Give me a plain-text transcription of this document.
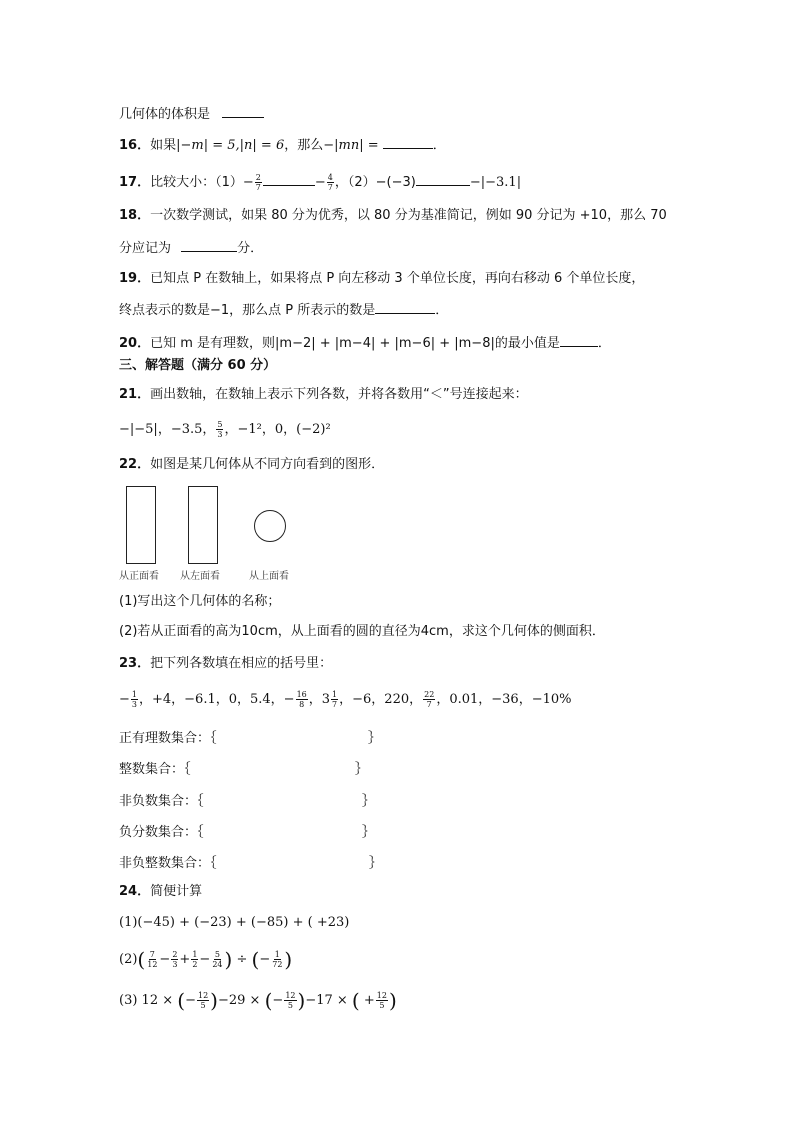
几何体的体积是
16．如果|−m| = 5,|n| = 6，那么−|mn| =	．
17．比较大小：$(1)- \frac{2}{7}$	− $\frac{4}{7}$ ，（2）−(−3)	−|−3.1|
18．一次数学测试，如果 80 分为优秀，以 80 分为基准简记，例如 90 分记为 +10，那么 70
分应记为	分．
19．已知点 P 在数轴上，如果将点 P 向左移动 3 个单位长度，再向右移动 6 个单位长度，
终点表示的数是−1，那么点 P 所表示的数是	．
20．已知 m 是有理数，则|m−2| + |m−4| + |m−6| + |m−8|的最小值是	．
三、解答题（满分 60 分）
21．画出数轴，在数轴上表示下列各数，并将各数用“＜”号连接起来：
−|−5|，−3.5， $\frac{5}{3}$ ，−1²，0，(−2)²
22．如图是某几何体从不同方向看到的图形．
从正面看 从左面看	从上面看
(1)写出这个几何体的名称；
(2)若从正面看的高为10cm，从上面看的圆的直径为4cm，求这个几何体的侧面积．
23．把下列各数填在相应的括号里：
− $\frac{1}{3}$ ，+4，−6.1，0，5.4，− $\frac{16}{8}$ ，$3 \frac{1}{7}$ ，−6，220， $\frac{22}{7}$ ，0.01，−36，−10%
正有理数集合：｛	｝
整数集合：｛	｝
非负数集合：｛	｝
负分数集合：｛	｝
非负整数集合：｛	｝
24．简便计算
(1)(−45) + (−23) + (−85) + ( +23)
$(2)( \frac{7}{12} - \frac{2}{3} + \frac{1}{2} - \frac{5}{24}$ ) ÷ (− $\frac{1}{72}$ )
(3) 12 × (− $\frac{12}{5} )-29$ × (− $\frac{12}{5} )-17$ × ( + $\frac{12}{5}$ )
